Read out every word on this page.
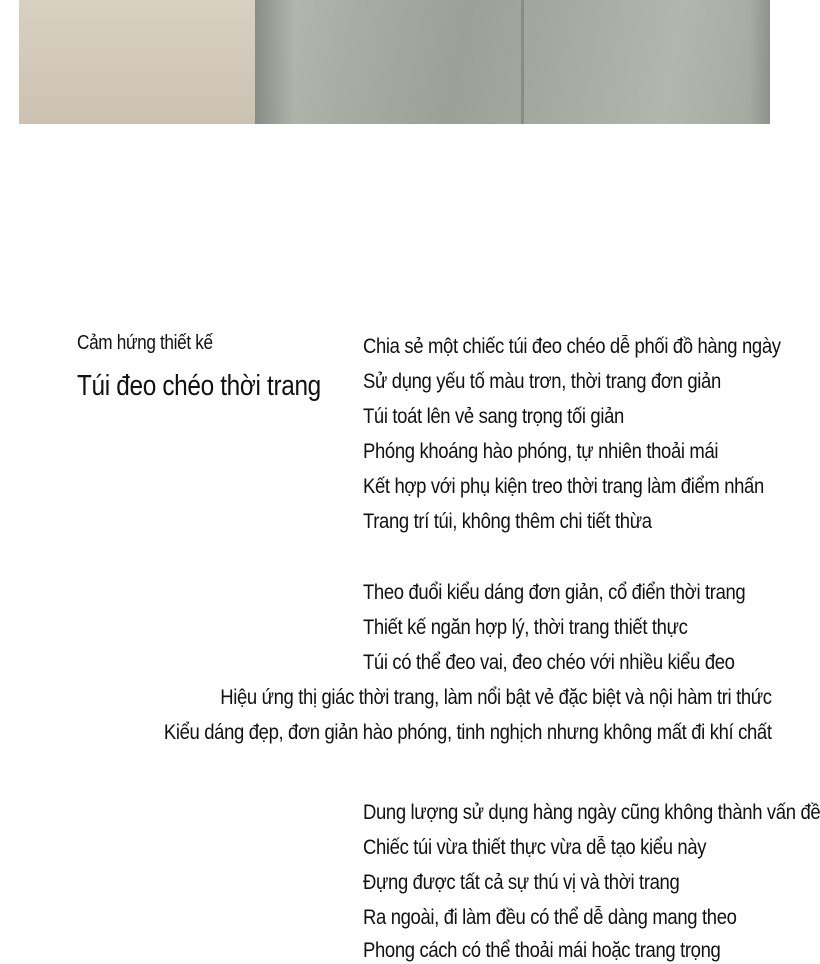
Cảm hứng thiết kế
Túi đeo chéo thời trang
Chia sẻ một chiếc túi đeo chéo dễ phối đồ hàng ngày
Sử dụng yếu tố màu trơn, thời trang đơn giản
Túi toát lên vẻ sang trọng tối giản
Phóng khoáng hào phóng, tự nhiên thoải mái
Kết hợp với phụ kiện treo thời trang làm điểm nhấn
Trang trí túi, không thêm chi tiết thừa
Theo đuổi kiểu dáng đơn giản, cổ điển thời trang
Thiết kế ngăn hợp lý, thời trang thiết thực
Túi có thể đeo vai, đeo chéo với nhiều kiểu đeo
Hiệu ứng thị giác thời trang, làm nổi bật vẻ đặc biệt và nội hàm tri thức
Kiểu dáng đẹp, đơn giản hào phóng, tinh nghịch nhưng không mất đi khí chất
Dung lượng sử dụng hàng ngày cũng không thành vấn đề
Chiếc túi vừa thiết thực vừa dễ tạo kiểu này
Đựng được tất cả sự thú vị và thời trang
Ra ngoài, đi làm đều có thể dễ dàng mang theo
Phong cách có thể thoải mái hoặc trang trọng
